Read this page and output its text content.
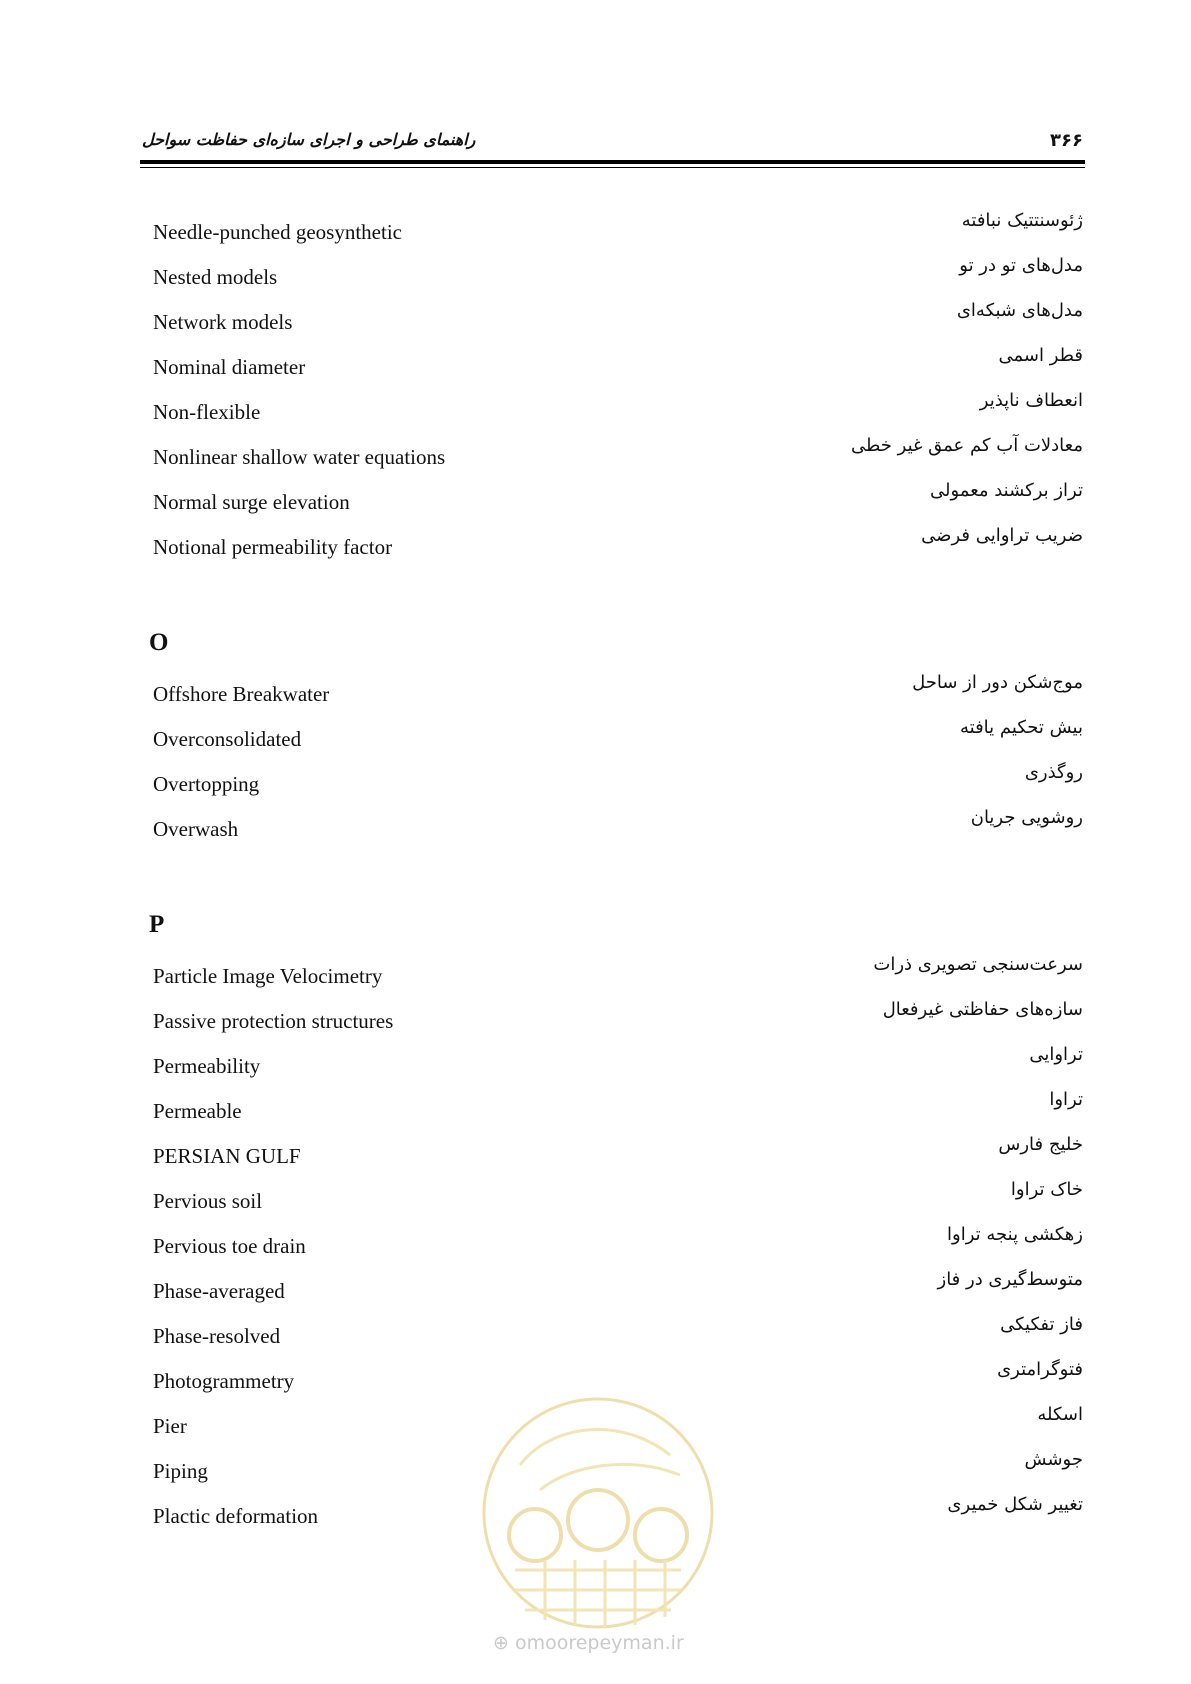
راهنمای طراحی و اجرای سازه‌ای حفاظت سواحل	۳۶۶
Needle-punched geosynthetic	ژئوسنتتیک نبافته
Nested models	مدل‌های تو در تو
Network models	مدل‌های شبکه‌ای
Nominal diameter	قطر اسمی
Non-flexible	انعطاف ناپذیر
Nonlinear shallow water equations	معادلات آب کم عمق غیر خطی
Normal surge elevation	تراز برکشند معمولی
Notional permeability factor	ضریب تراوایی فرضی
O
Offshore Breakwater	موج‌شکن دور از ساحل
Overconsolidated	بیش تحکیم یافته
Overtopping	روگذری
Overwash	روشویی جریان
P
Particle Image Velocimetry	سرعت‌سنجی تصویری ذرات
Passive protection structures	سازه‌های حفاظتی غیرفعال
Permeability	تراوایی
Permeable	تراوا
PERSIAN GULF	خلیج فارس
Pervious soil	خاک تراوا
Pervious toe drain	زهکشی پنجه تراوا
Phase-averaged	متوسط‌گیری در فاز
Phase-resolved	فاز تفکیکی
Photogrammetry	فتوگرامتری
Pier	اسکله
Piping	جوشش
Plactic deformation	تغییر شکل خمیری
⊕ omoorepeyman.ir
